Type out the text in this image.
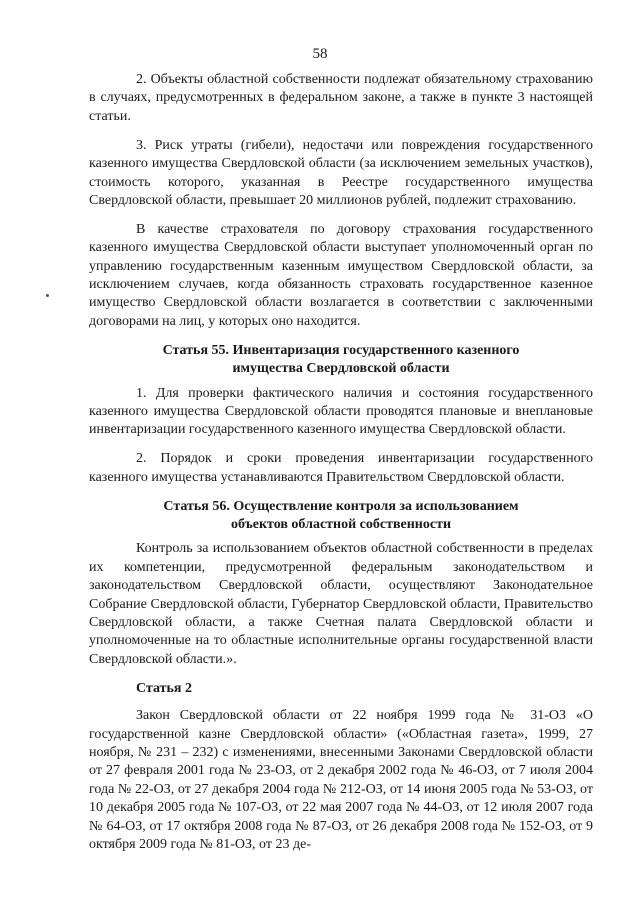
58

2. Объекты областной собственности подлежат обязательному страхованию в случаях, предусмотренных в федеральном законе, а также в пункте 3 настоящей статьи.

3. Риск утраты (гибели), недостачи или повреждения государственного казенного имущества Свердловской области (за исключением земельных участков), стоимость которого, указанная в Реестре государственного имущества Свердловской области, превышает 20 миллионов рублей, подлежит страхованию.

В качестве страхователя по договору страхования государственного казенного имущества Свердловской области выступает уполномоченный орган по управлению государственным казенным имуществом Свердловской области, за исключением случаев, когда обязанность страховать государственное казенное имущество Свердловской области возлагается в соответствии с заключенными договорами на лиц, у которых оно находится.

Статья 55. Инвентаризация государственного казенного
имущества Свердловской области

1. Для проверки фактического наличия и состояния государственного казенного имущества Свердловской области проводятся плановые и внеплановые инвентаризации государственного казенного имущества Свердловской области.

2. Порядок и сроки проведения инвентаризации государственного казенного имущества устанавливаются Правительством Свердловской области.

Статья 56. Осуществление контроля за использованием
объектов областной собственности

Контроль за использованием объектов областной собственности в пределах их компетенции, предусмотренной федеральным законодательством и законодательством Свердловской области, осуществляют Законодательное Собрание Свердловской области, Губернатор Свердловской области, Правительство Свердловской области, а также Счетная палата Свердловской области и уполномоченные на то областные исполнительные органы государственной власти Свердловской области.».

Статья 2

Закон Свердловской области от 22 ноября 1999 года № 31-ОЗ «О государственной казне Свердловской области» («Областная газета», 1999, 27 ноября, № 231 – 232) с изменениями, внесенными Законами Свердловской области от 27 февраля 2001 года № 23-ОЗ, от 2 декабря 2002 года № 46-ОЗ, от 7 июля 2004 года № 22-ОЗ, от 27 декабря 2004 года № 212-ОЗ, от 14 июня 2005 года № 53-ОЗ, от 10 декабря 2005 года № 107-ОЗ, от 22 мая 2007 года № 44-ОЗ, от 12 июля 2007 года № 64-ОЗ, от 17 октября 2008 года № 87-ОЗ, от 26 декабря 2008 года № 152-ОЗ, от 9 октября 2009 года № 81-ОЗ, от 23 де-
